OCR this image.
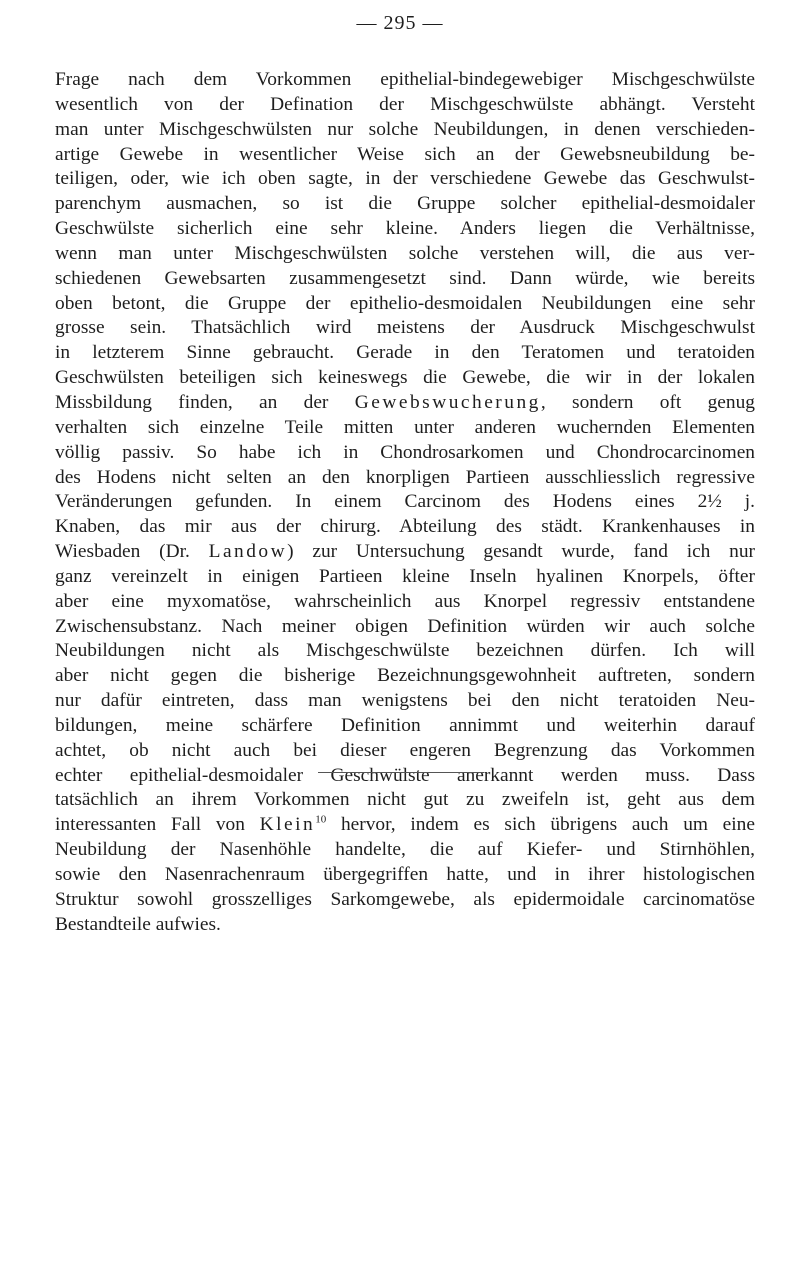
— 295 —
Frage nach dem Vorkommen epithelial-bindegewebiger Mischgeschwülste
wesentlich von der Defination der Mischgeschwülste abhängt. Versteht
man unter Mischgeschwülsten nur solche Neubildungen, in denen verschieden-
artige Gewebe in wesentlicher Weise sich an der Gewebsneubildung be-
teiligen, oder, wie ich oben sagte, in der verschiedene Gewebe das Geschwulst-
parenchym ausmachen, so ist die Gruppe solcher epithelial-desmoidaler
Geschwülste sicherlich eine sehr kleine. Anders liegen die Verhältnisse,
wenn man unter Mischgeschwülsten solche verstehen will, die aus ver-
schiedenen Gewebsarten zusammengesetzt sind. Dann würde, wie bereits
oben betont, die Gruppe der epithelio-desmoidalen Neubildungen eine sehr
grosse sein. Thatsächlich wird meistens der Ausdruck Mischgeschwulst
in letzterem Sinne gebraucht. Gerade in den Teratomen und teratoiden
Geschwülsten beteiligen sich keineswegs die Gewebe, die wir in der lokalen
Missbildung finden, an der Gewebswucherung, sondern oft genug
verhalten sich einzelne Teile mitten unter anderen wuchernden Elementen
völlig passiv. So habe ich in Chondrosarkomen und Chondrocarcinomen
des Hodens nicht selten an den knorpligen Partieen ausschliesslich regressive
Veränderungen gefunden. In einem Carcinom des Hodens eines 2½ j.
Knaben, das mir aus der chirurg. Abteilung des städt. Krankenhauses in
Wiesbaden (Dr. Landow) zur Untersuchung gesandt wurde, fand ich nur
ganz vereinzelt in einigen Partieen kleine Inseln hyalinen Knorpels, öfter
aber eine myxomatöse, wahrscheinlich aus Knorpel regressiv entstandene
Zwischensubstanz. Nach meiner obigen Definition würden wir auch solche
Neubildungen nicht als Mischgeschwülste bezeichnen dürfen. Ich will
aber nicht gegen die bisherige Bezeichnungsgewohnheit auftreten, sondern
nur dafür eintreten, dass man wenigstens bei den nicht teratoiden Neu-
bildungen, meine schärfere Definition annimmt und weiterhin darauf
achtet, ob nicht auch bei dieser engeren Begrenzung das Vorkommen
echter epithelial-desmoidaler Geschwülste anerkannt werden muss. Dass
tatsächlich an ihrem Vorkommen nicht gut zu zweifeln ist, geht aus dem
interessanten Fall von Klein$^{10}$ hervor, indem es sich übrigens auch um eine
Neubildung der Nasenhöhle handelte, die auf Kiefer- und Stirnhöhlen,
sowie den Nasenrachenraum übergegriffen hatte, und in ihrer histologischen
Struktur sowohl grosszelliges Sarkomgewebe, als epidermoidale carcinomatöse
Bestandteile aufwies.
